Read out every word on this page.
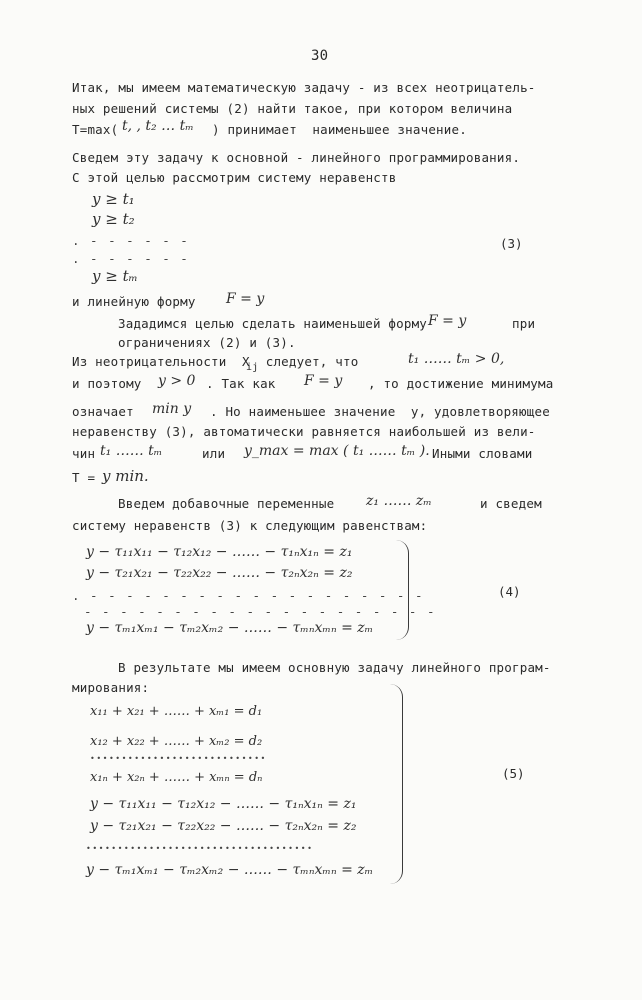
30
Итак, мы имеем математическую задачу - из всех неотрицатель-
ных решений системы (2) найти такое, при котором величина
T=max( t, , t₂ … tₘ ) принимает  наименьшее значение.
Сведем эту задачу к основной - линейного программирования.
С этой целью рассмотрим систему неравенств
y ≥ t₁
y ≥ t₂
. - - - - - -
. - - - - - -
y ≥ tₘ
(3)
и линейную форму F = y
Зададимся целью сделать наименьшей форму F = y	при
ограничениях (2) и (3).
Из неотрицательности  X
ij следует, что	t₁ …… tₘ > 0,
и поэтому y > 0 . Так как F = y , то достижение минимума
означает min y . Но наименьшее значение  y, удовлетворяющее
неравенству (3), автоматически равняется наибольшей из вели-
чин t₁ …… tₘ	или y_max = max ( t₁ …… tₘ ). Иными словами
T = y min.
Введем добавочные переменные z₁ …… zₘ	и сведем
систему неравенств (3) к следующим равенствам:
y − τ₁₁x₁₁ − τ₁₂x₁₂ − …… − τ₁ₙx₁ₙ = z₁
y − τ₂₁x₂₁ − τ₂₂x₂₂ − …… − τ₂ₙx₂ₙ = z₂
. - - - - - - - - - - - - - - - - - - -
- - - - - - - - - - - - - - - - - - - -
y − τₘ₁xₘ₁ − τₘ₂xₘ₂ − …… − τₘₙxₘₙ = zₘ
(4)
В результате мы имеем основную задачу линейного програм-
мирования:
x₁₁ + x₂₁ + …… + xₘ₁ = d₁
x₁₂ + x₂₂ + …… + xₘ₂ = d₂
••••••••••••••••••••••••••••
x₁ₙ + x₂ₙ + …… + xₘₙ = dₙ
y − τ₁₁x₁₁ − τ₁₂x₁₂ − …… − τ₁ₙx₁ₙ = z₁
y − τ₂₁x₂₁ − τ₂₂x₂₂ − …… − τ₂ₙx₂ₙ = z₂
••••••••••••••••••••••••••••••••••••
y − τₘ₁xₘ₁ − τₘ₂xₘ₂ − …… − τₘₙxₘₙ = zₘ
(5)
